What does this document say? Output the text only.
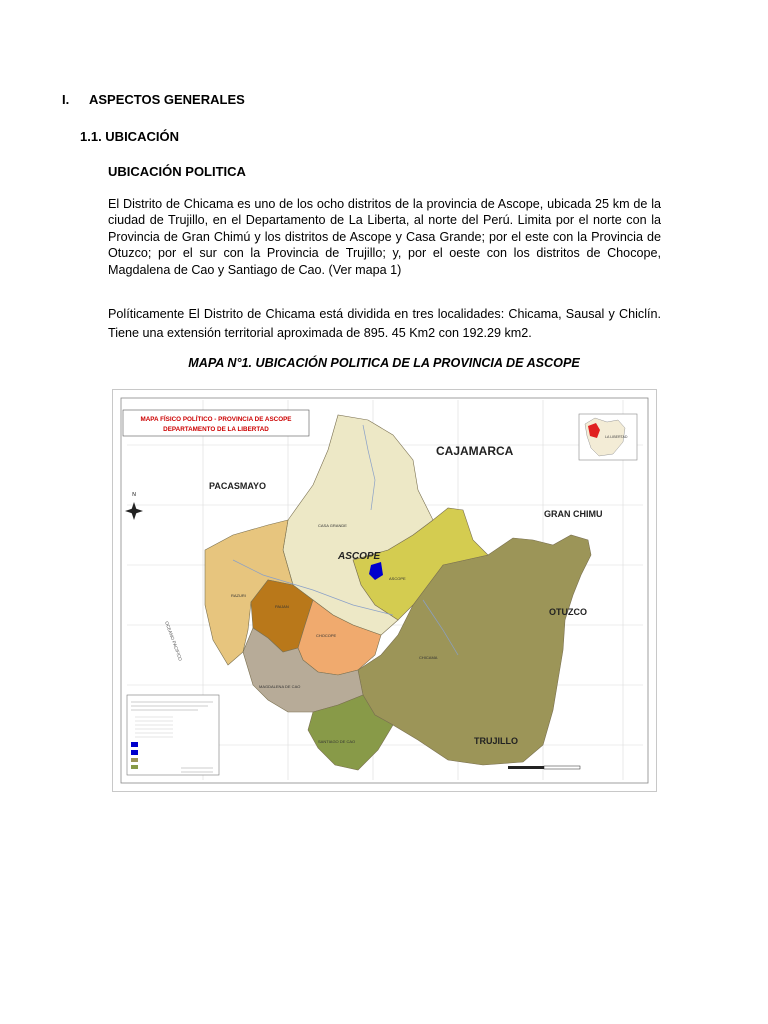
I. ASPECTOS GENERALES
1.1. UBICACIÓN
UBICACIÓN POLITICA
El Distrito de Chicama es uno de los ocho distritos de la provincia de Ascope, ubicada 25 km de la ciudad de Trujillo, en el Departamento de La Liberta, al norte del Perú. Limita por el norte con la Provincia de Gran Chimú y los distritos de Ascope y Casa Grande; por el este con la Provincia de Otuzco; por el sur con la Provincia de Trujillo; y, por el oeste con los distritos de Chocope, Magdalena de Cao y Santiago de Cao. (Ver mapa 1)
Políticamente El Distrito de Chicama está dividida en tres localidades: Chicama, Sausal y Chiclín. Tiene una extensión territorial aproximada de 895. 45 Km2 con 192.29 km2.
MAPA N°1. UBICACIÓN POLITICA DE LA PROVINCIA DE ASCOPE
MAPA FÍSICO POLÍTICO - PROVINCIA DE ASCOPE
DEPARTAMENTO DE LA LIBERTAD
LA LIBERTAD
N
OCEANO PACIFICO
CAJAMARCA
PACASMAYO
GRAN CHIMU
OTUZCO
TRUJILLO
ASCOPE
CASA GRANDE
ASCOPE
RAZURI
PAIJAN
CHOCOPE
CHICAMA
MAGDALENA DE CAO
SANTIAGO DE CAO
